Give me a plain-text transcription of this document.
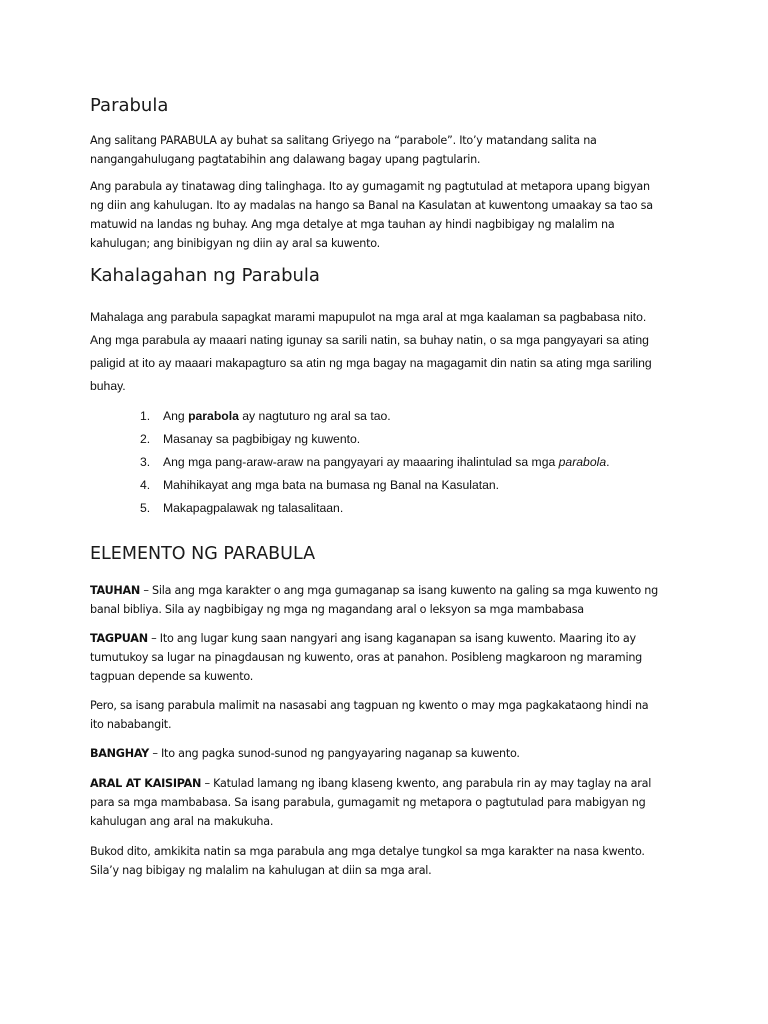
Parabula
Ang salitang PARABULA ay buhat sa salitang Griyego na “parabole”. Ito’y matandang salita na
nangangahulugang pagtatabihin ang dalawang bagay upang pagtularin.
Ang parabula ay tinatawag ding talinghaga. Ito ay gumagamit ng pagtutulad at metapora upang bigyan
ng diin ang kahulugan. Ito ay madalas na hango sa Banal na Kasulatan at kuwentong umaakay sa tao sa
matuwid na landas ng buhay. Ang mga detalye at mga tauhan ay hindi nagbibigay ng malalim na
kahulugan; ang binibigyan ng diin ay aral sa kuwento.
Kahalagahan ng Parabula
Mahalaga ang parabula sapagkat marami mapupulot na mga aral at mga kaalaman sa pagbabasa nito.
Ang mga parabula ay maaari nating igunay sa sarili natin, sa buhay natin, o sa mga pangyayari sa ating
paligid at ito ay maaari makapagturo sa atin ng mga bagay na magagamit din natin sa ating mga sariling
buhay.
1. Ang parabola ay nagtuturo ng aral sa tao.
2. Masanay sa pagbibigay ng kuwento.
3. Ang mga pang-araw-araw na pangyayari ay maaaring ihalintulad sa mga parabola.
4. Mahihikayat ang mga bata na bumasa ng Banal na Kasulatan.
5. Makapagpalawak ng talasalitaan.
ELEMENTO NG PARABULA
TAUHAN – Sila ang mga karakter o ang mga gumaganap sa isang kuwento na galing sa mga kuwento ng
banal bibliya. Sila ay nagbibigay ng mga ng magandang aral o leksyon sa mga mambabasa
TAGPUAN – Ito ang lugar kung saan nangyari ang isang kaganapan sa isang kuwento. Maaring ito ay
tumutukoy sa lugar na pinagdausan ng kuwento, oras at panahon. Posibleng magkaroon ng maraming
tagpuan depende sa kuwento.
Pero, sa isang parabula malimit na nasasabi ang tagpuan ng kwento o may mga pagkakataong hindi na
ito nababangit.
BANGHAY – Ito ang pagka sunod-sunod ng pangyayaring naganap sa kuwento.
ARAL AT KAISIPAN – Katulad lamang ng ibang klaseng kwento, ang parabula rin ay may taglay na aral
para sa mga mambabasa. Sa isang parabula, gumagamit ng metapora o pagtutulad para mabigyan ng
kahulugan ang aral na makukuha.
Bukod dito, amkikita natin sa mga parabula ang mga detalye tungkol sa mga karakter na nasa kwento.
Sila’y nag bibigay ng malalim na kahulugan at diin sa mga aral.
